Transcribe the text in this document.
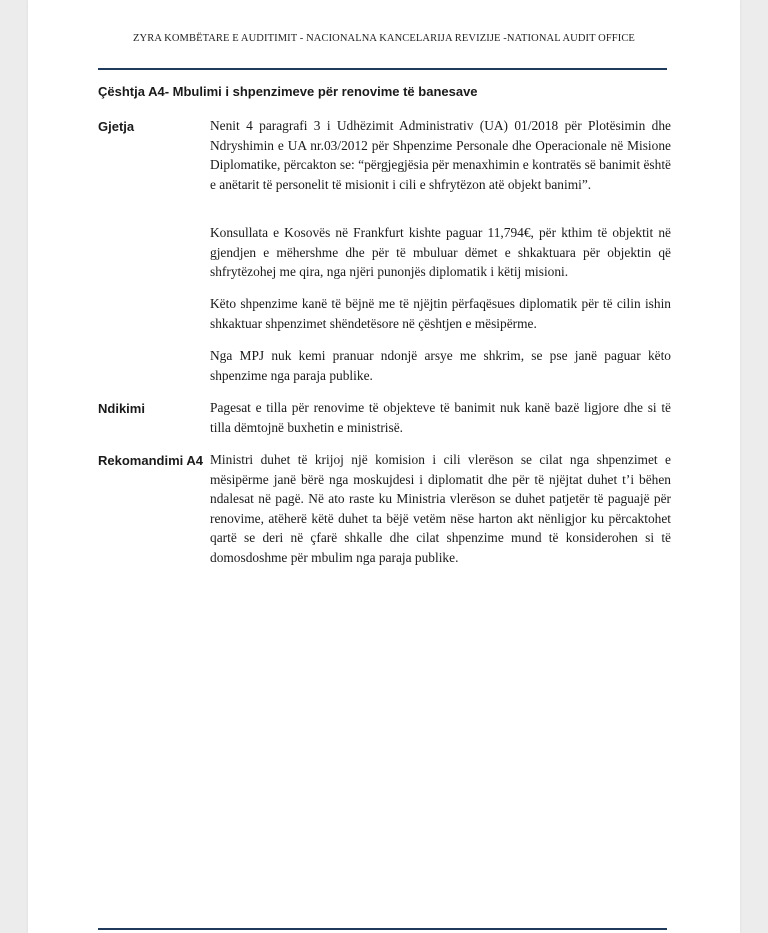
ZYRA KOMBËTARE E AUDITIMIT - NACIONALNA KANCELARIJA REVIZIJE -NATIONAL AUDIT OFFICE
Çështja A4- Mbulimi i shpenzimeve për renovime të banesave
Gjetja	Nenit 4 paragrafi 3 i Udhëzimit Administrativ (UA) 01/2018 për Plotësimin dhe Ndryshimin e UA nr.03/2012 për Shpenzime Personale dhe Operacionale në Misione Diplomatike, përcakton se: “përgjegjësia për menaxhimin e kontratës së banimit është e anëtarit të personelit të misionit i cili e shfrytëzon atë objekt banimi”.

Konsullata e Kosovës në Frankfurt kishte paguar 11,794€, për kthim të objektit në gjendjen e mëhershme dhe për të mbuluar dëmet e shkaktuara për objektin që shfrytëzohej me qira, nga njëri punonjës diplomatik i këtij misioni.

Këto shpenzime kanë të bëjnë me të njëjtin përfaqësues diplomatik për të cilin ishin shkaktuar shpenzimet shëndetësore në çështjen e mësipërme.

Nga MPJ nuk kemi pranuar ndonjë arsye me shkrim, se pse janë paguar këto shpenzime nga paraja publike.

Ndikimi	Pagesat e tilla për renovime të objekteve të banimit nuk kanë bazë ligjore dhe si të tilla dëmtojnë buxhetin e ministrisë.

Rekomandimi A4 Ministri duhet të krijoj një komision i cili vlerëson se cilat nga shpenzimet e mësipërme janë bërë nga moskujdesi i diplomatit dhe për të njëjtat duhet t’i bëhen ndalesat në pagë. Në ato raste ku Ministria vlerëson se duhet patjetër të paguajë për renovime, atëherë këtë duhet ta bëjë vetëm nëse harton akt nënligjor ku përcaktohet qartë se deri në çfarë shkalle dhe cilat shpenzime mund të konsiderohen si të domosdoshme për mbulim nga paraja publike.
